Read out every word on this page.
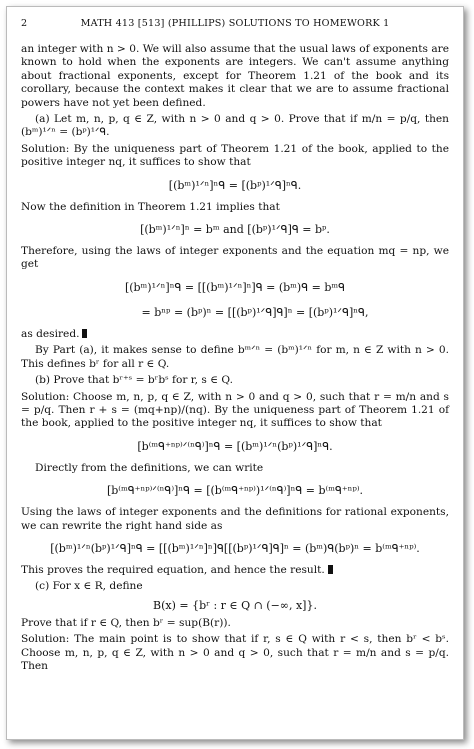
2	MATH 413 [513] (PHILLIPS) SOLUTIONS TO HOMEWORK 1

an integer with n > 0. We will also assume that the usual laws of exponents are known to hold when the exponents are integers. We can't assume anything about fractional exponents, except for Theorem 1.21 of the book and its corollary, because the context makes it clear that we are to assume fractional powers have not yet been defined.

(a) Let m, n, p, q ∈ Z, with n > 0 and q > 0. Prove that if m/n = p/q, then (bᵐ)¹ᐟⁿ = (bᵖ)¹ᐟᑫ.

Solution: By the uniqueness part of Theorem 1.21 of the book, applied to the positive integer nq, it suffices to show that

[(bᵐ)¹ᐟⁿ]ⁿᑫ = [(bᵖ)¹ᐟᑫ]ⁿᑫ.

Now the definition in Theorem 1.21 implies that

[(bᵐ)¹ᐟⁿ]ⁿ = bᵐ and [(bᵖ)¹ᐟᑫ]ᑫ = bᵖ.

Therefore, using the laws of integer exponents and the equation mq = np, we get

[(bᵐ)¹ᐟⁿ]ⁿᑫ = [[(bᵐ)¹ᐟⁿ]ⁿ]ᑫ = (bᵐ)ᑫ = bᵐᑫ
= bⁿᵖ = (bᵖ)ⁿ = [[(bᵖ)¹ᐟᑫ]ᑫ]ⁿ = [(bᵖ)¹ᐟᑫ]ⁿᑫ,

as desired.

By Part (a), it makes sense to define bᵐᐟⁿ = (bᵐ)¹ᐟⁿ for m, n ∈ Z with n > 0. This defines bʳ for all r ∈ Q.

(b) Prove that bʳ⁺ˢ = bʳbˢ for r, s ∈ Q.

Solution: Choose m, n, p, q ∈ Z, with n > 0 and q > 0, such that r = m/n and s = p/q. Then r + s = (mq+np)/(nq). By the uniqueness part of Theorem 1.21 of the book, applied to the positive integer nq, it suffices to show that

[b⁽ᵐᑫ⁺ⁿᵖ⁾ᐟ⁽ⁿᑫ⁾]ⁿᑫ = [(bᵐ)¹ᐟⁿ(bᵖ)¹ᐟᑫ]ⁿᑫ.

Directly from the definitions, we can write

[b⁽ᵐᑫ⁺ⁿᵖ⁾ᐟ⁽ⁿᑫ⁾]ⁿᑫ = [(b⁽ᵐᑫ⁺ⁿᵖ⁾)¹ᐟ⁽ⁿᑫ⁾]ⁿᑫ = b⁽ᵐᑫ⁺ⁿᵖ⁾.

Using the laws of integer exponents and the definitions for rational exponents, we can rewrite the right hand side as

[(bᵐ)¹ᐟⁿ(bᵖ)¹ᐟᑫ]ⁿᑫ = [[(bᵐ)¹ᐟⁿ]ⁿ]ᑫ[[(bᵖ)¹ᐟᑫ]ᑫ]ⁿ = (bᵐ)ᑫ(bᵖ)ⁿ = b⁽ᵐᑫ⁺ⁿᵖ⁾.

This proves the required equation, and hence the result.

(c) For x ∈ R, define

B(x) = {bʳ : r ∈ Q ∩ (−∞, x]}.

Prove that if r ∈ Q, then bʳ = sup(B(r)).

Solution: The main point is to show that if r, s ∈ Q with r < s, then bʳ < bˢ. Choose m, n, p, q ∈ Z, with n > 0 and q > 0, such that r = m/n and s = p/q. Then
